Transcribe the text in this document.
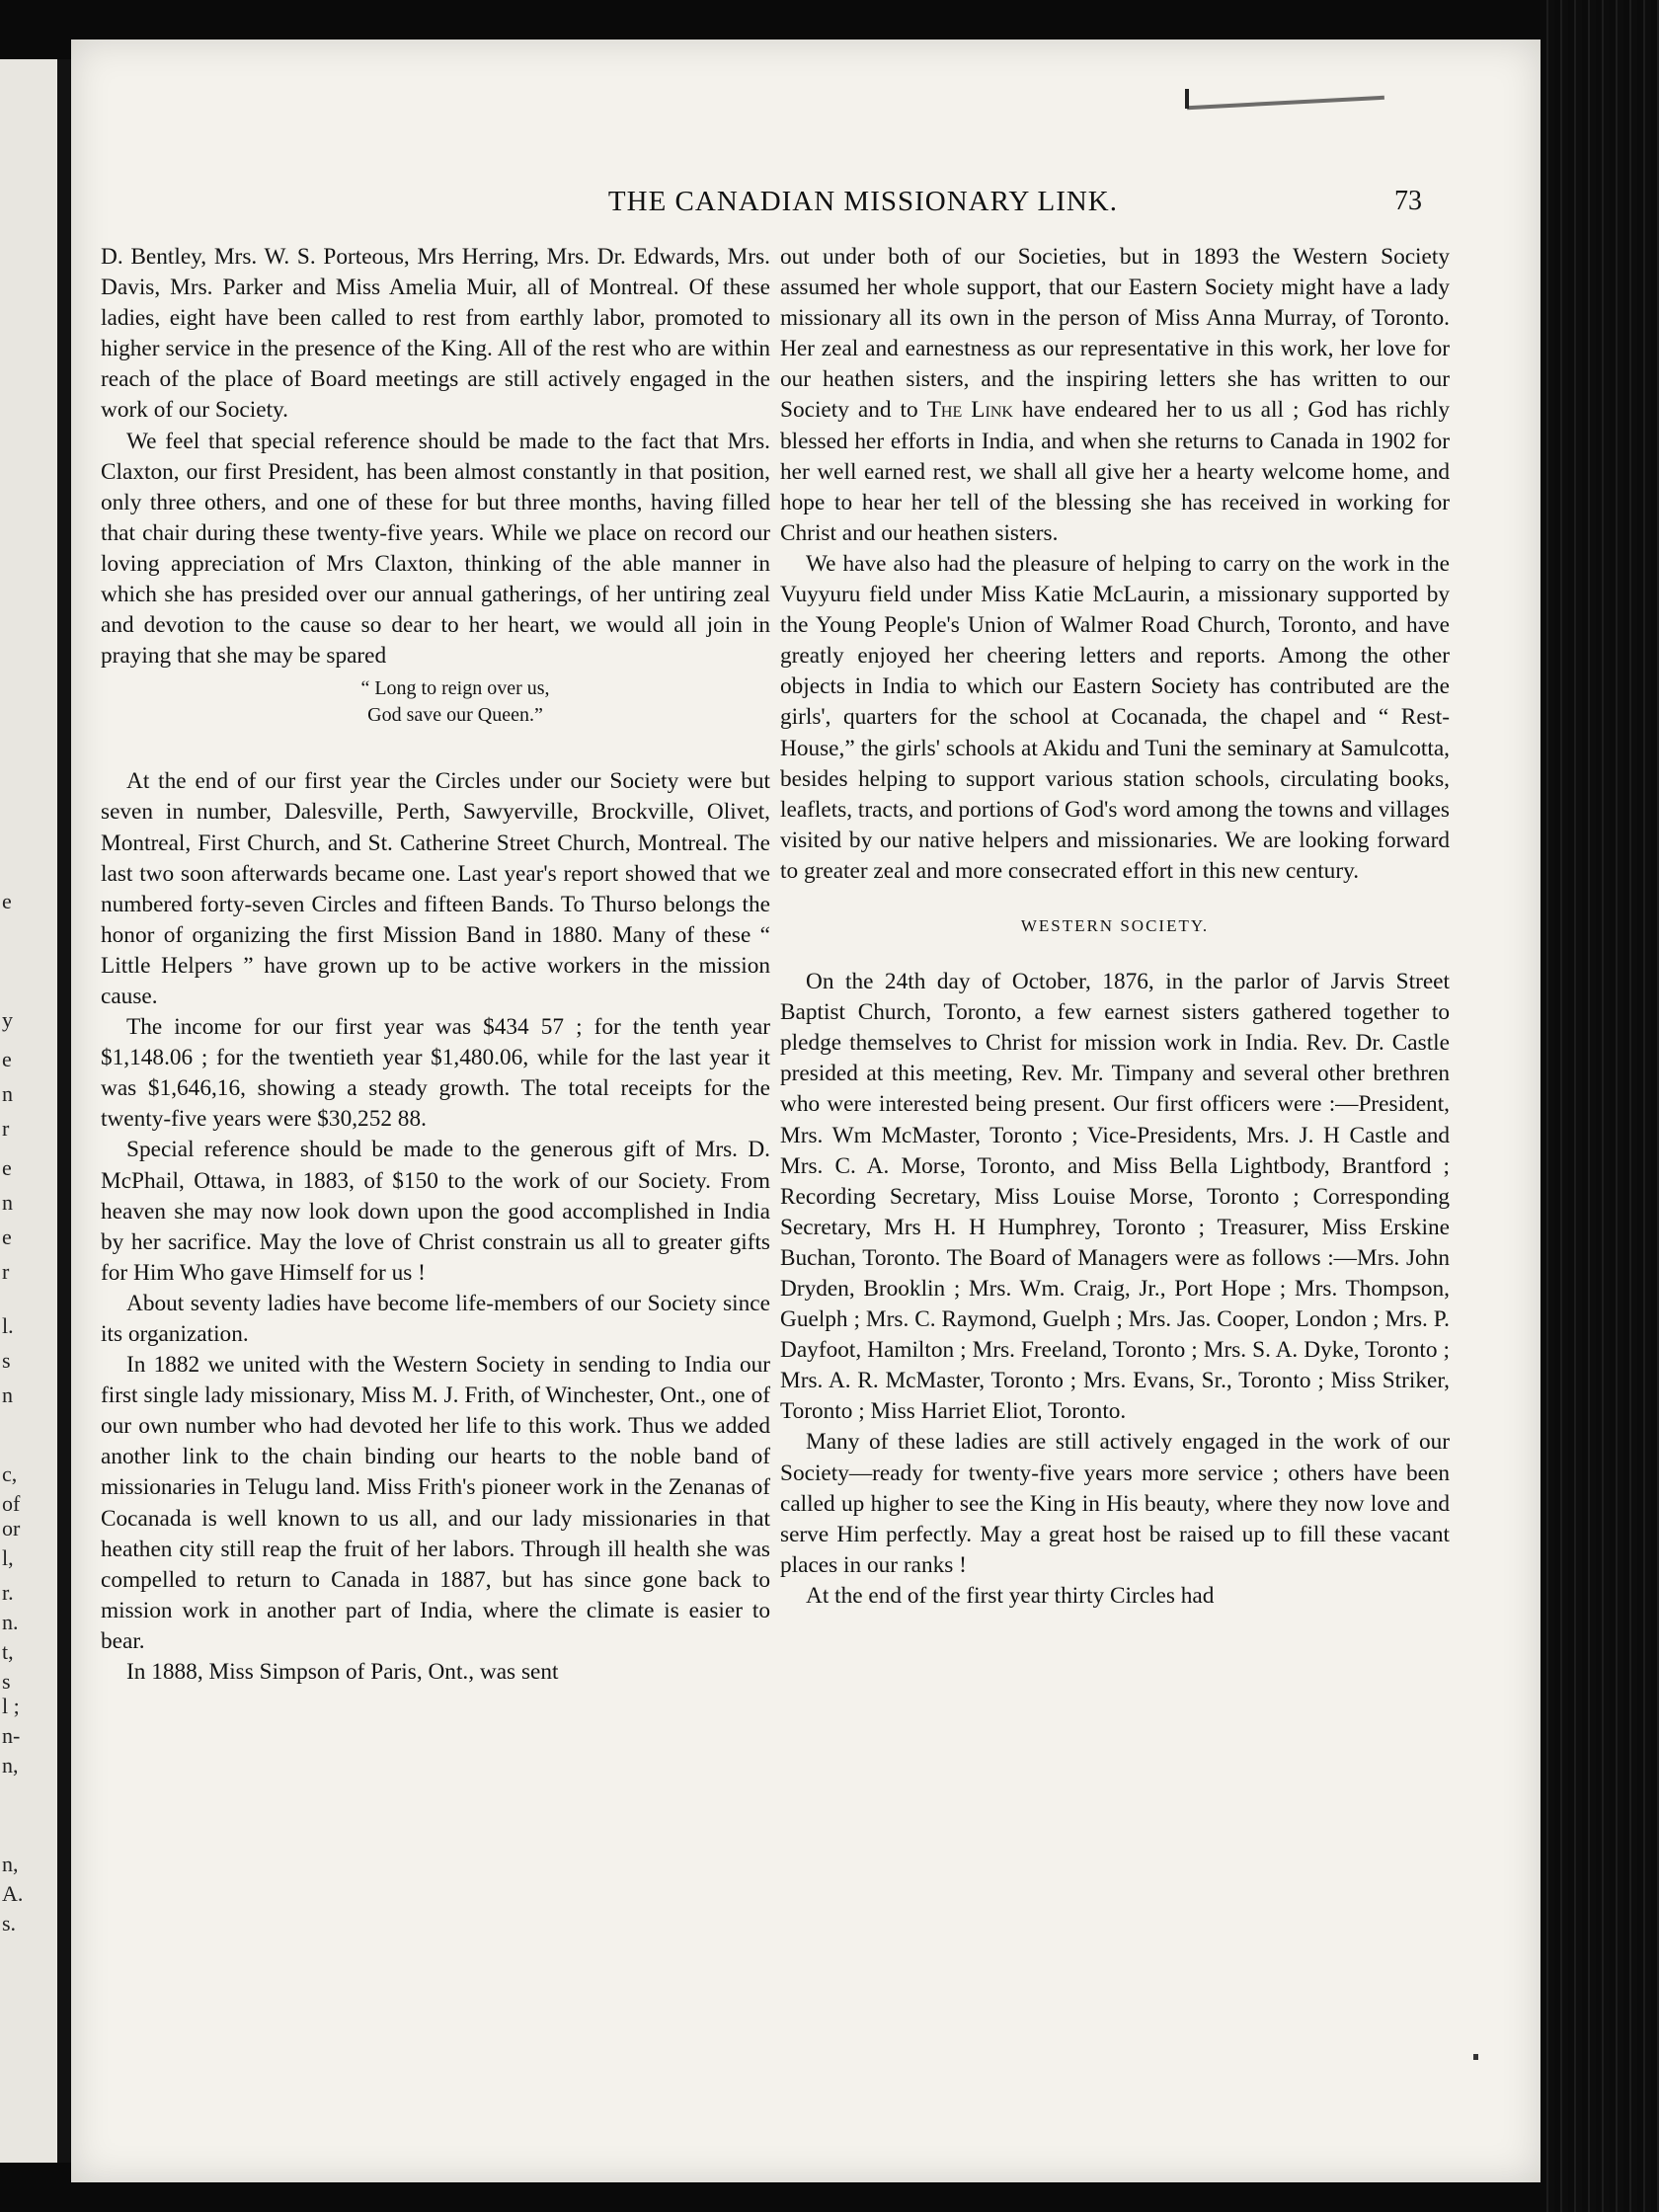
e
y
e
n
r
e
n
e
r
l.
s
n
c,
of
or
l,
r.
n.
t,
s
l ;
n-
n,
n,
A.
s.
THE CANADIAN MISSIONARY LINK.	73

D. Bentley, Mrs. W. S. Porteous, Mrs Herring, Mrs. Dr. Edwards, Mrs. Davis, Mrs. Parker and Miss Amelia Muir, all of Montreal. Of these ladies, eight have been called to rest from earthly labor, promoted to higher service in the presence of the King. All of the rest who are within reach of the place of Board meetings are still actively engaged in the work of our Society.

We feel that special reference should be made to the fact that Mrs. Claxton, our first President, has been almost constantly in that position, only three others, and one of these for but three months, having filled that chair during these twenty-five years. While we place on record our loving appreciation of Mrs Claxton, thinking of the able manner in which she has presided over our annual gatherings, of her untiring zeal and devotion to the cause so dear to her heart, we would all join in praying that she may be spared

“ Long to reign over us,
God save our Queen.”

At the end of our first year the Circles under our Society were but seven in number, Dalesville, Perth, Sawyerville, Brockville, Olivet, Montreal, First Church, and St. Catherine Street Church, Montreal. The last two soon afterwards became one. Last year's report showed that we numbered forty-seven Circles and fifteen Bands. To Thurso belongs the honor of organizing the first Mission Band in 1880. Many of these “ Little Helpers ” have grown up to be active workers in the mission cause.

The income for our first year was $434 57 ; for the tenth year $1,148.06 ; for the twentieth year $1,480.06, while for the last year it was $1,646,16, showing a steady growth. The total receipts for the twenty-five years were $30,252 88.

Special reference should be made to the generous gift of Mrs. D. McPhail, Ottawa, in 1883, of $150 to the work of our Society. From heaven she may now look down upon the good accomplished in India by her sacrifice. May the love of Christ constrain us all to greater gifts for Him Who gave Himself for us !

About seventy ladies have become life-members of our Society since its organization.

In 1882 we united with the Western Society in sending to India our first single lady missionary, Miss M. J. Frith, of Winchester, Ont., one of our own number who had devoted her life to this work. Thus we added another link to the chain binding our hearts to the noble band of missionaries in Telugu land. Miss Frith's pioneer work in the Zenanas of Cocanada is well known to us all, and our lady missionaries in that heathen city still reap the fruit of her labors. Through ill health she was compelled to return to Canada in 1887, but has since gone back to mission work in another part of India, where the climate is easier to bear.

In 1888, Miss Simpson of Paris, Ont., was sent

out under both of our Societies, but in 1893 the Western Society assumed her whole support, that our Eastern Society might have a lady missionary all its own in the person of Miss Anna Murray, of Toronto. Her zeal and earnestness as our representative in this work, her love for our heathen sisters, and the inspiring letters she has written to our Society and to The Link have endeared her to us all ; God has richly blessed her efforts in India, and when she returns to Canada in 1902 for her well earned rest, we shall all give her a hearty welcome home, and hope to hear her tell of the blessing she has received in working for Christ and our heathen sisters.

We have also had the pleasure of helping to carry on the work in the Vuyyuru field under Miss Katie McLaurin, a missionary supported by the Young People's Union of Walmer Road Church, Toronto, and have greatly enjoyed her cheering letters and reports. Among the other objects in India to which our Eastern Society has contributed are the girls', quarters for the school at Cocanada, the chapel and “ Rest-House,” the girls' schools at Akidu and Tuni the seminary at Samulcotta, besides helping to support various station schools, circulating books, leaflets, tracts, and portions of God's word among the towns and villages visited by our native helpers and missionaries. We are looking forward to greater zeal and more consecrated effort in this new century.

WESTERN SOCIETY.

On the 24th day of October, 1876, in the parlor of Jarvis Street Baptist Church, Toronto, a few earnest sisters gathered together to pledge themselves to Christ for mission work in India. Rev. Dr. Castle presided at this meeting, Rev. Mr. Timpany and several other brethren who were interested being present. Our first officers were :—President, Mrs. Wm McMaster, Toronto ; Vice-Presidents, Mrs. J. H Castle and Mrs. C. A. Morse, Toronto, and Miss Bella Lightbody, Brantford ; Recording Secretary, Miss Louise Morse, Toronto ; Corresponding Secretary, Mrs H. H Humphrey, Toronto ; Treasurer, Miss Erskine Buchan, Toronto. The Board of Managers were as follows :—Mrs. John Dryden, Brooklin ; Mrs. Wm. Craig, Jr., Port Hope ; Mrs. Thompson, Guelph ; Mrs. C. Raymond, Guelph ; Mrs. Jas. Cooper, London ; Mrs. P. Dayfoot, Hamilton ; Mrs. Freeland, Toronto ; Mrs. S. A. Dyke, Toronto ; Mrs. A. R. McMaster, Toronto ; Mrs. Evans, Sr., Toronto ; Miss Striker, Toronto ; Miss Harriet Eliot, Toronto.

Many of these ladies are still actively engaged in the work of our Society—ready for twenty-five years more service ; others have been called up higher to see the King in His beauty, where they now love and serve Him perfectly. May a great host be raised up to fill these vacant places in our ranks !

At the end of the first year thirty Circles had
